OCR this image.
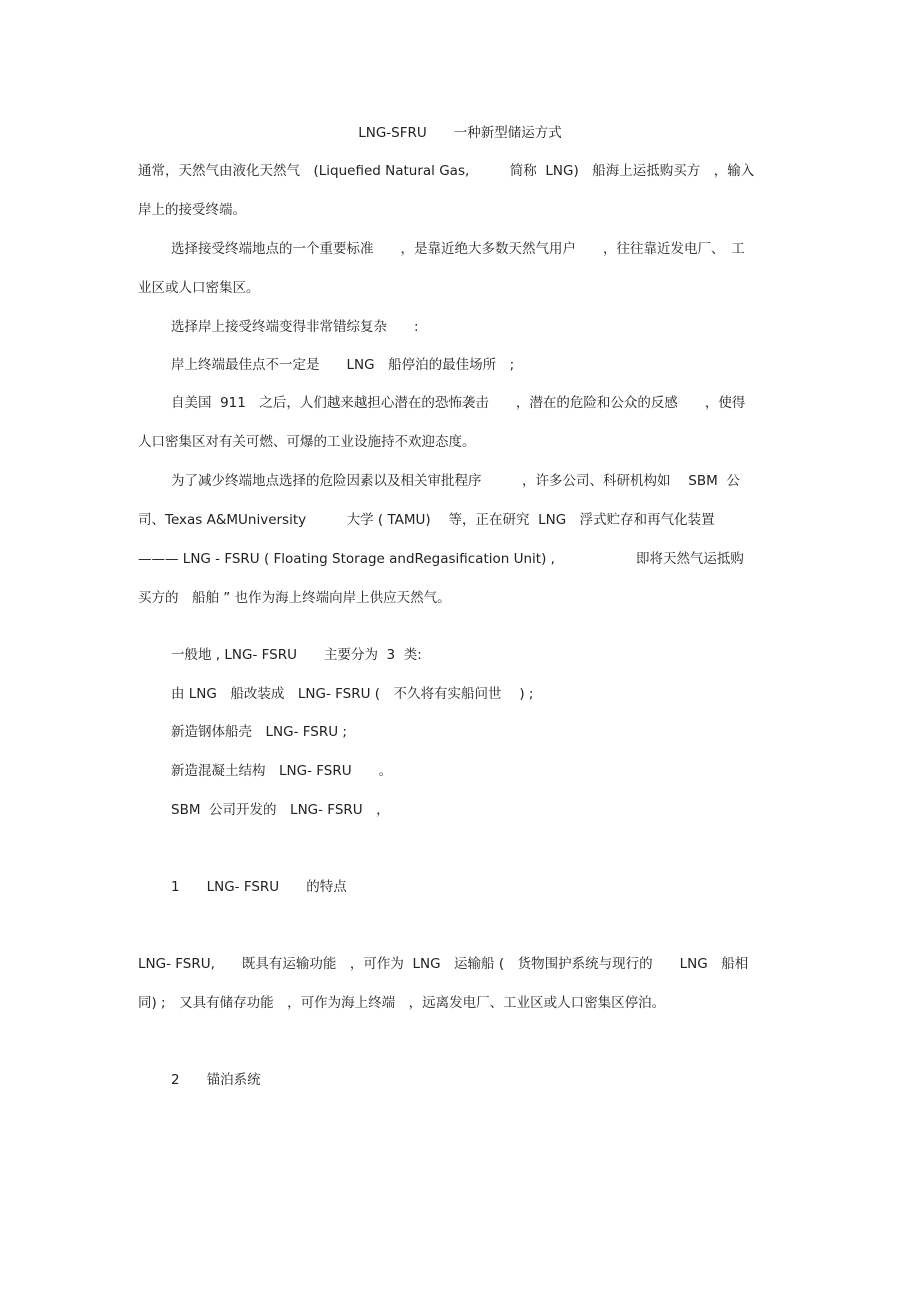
LNG-SFRU　　一种新型储运方式
通常，天然气由液化天然气　(Liquefied Natural Gas,　　　简称  LNG)　船海上运抵购买方　，输入
岸上的接受终端。
选择接受终端地点的一个重要标准　　，是靠近绝大多数天然气用户　　，往往靠近发电厂、　工
业区或人口密集区。
选择岸上接受终端变得非常错综复杂　　:
岸上终端最佳点不一定是　　LNG　船停泊的最佳场所　;
自美国  911　之后，人们越来越担心潜在的恐怖袭击　　，潜在的危险和公众的反感　　，使得
人口密集区对有关可燃、可爆的工业设施持不欢迎态度。
为了减少终端地点选择的危险因素以及相关审批程序　　　，许多公司、科研机构如　 SBM  公
司、Texas A&MUniversity　　　大学 ( TAMU)　 等，正在研究  LNG　浮式贮存和再气化装置
——— LNG - FSRU ( Floating Storage andRegasification Unit) ,　　　　　　即将天然气运抵购
买方的　船舶 ” 也作为海上终端向岸上供应天然气。
一般地 , LNG- FSRU　　主要分为  3  类:
由 LNG　船改装成　LNG- FSRU (　不久将有实船问世　 ) ;
新造钢体船壳　LNG- FSRU ;
新造混凝土结构　LNG- FSRU　　。
SBM  公司开发的　LNG- FSRU　，
1　　LNG- FSRU　　的特点
LNG- FSRU,　　既具有运输功能　，可作为  LNG　运输船 (　货物围护系统与现行的　　LNG　船相
同) ;　又具有储存功能　，可作为海上终端　，远离发电厂、工业区或人口密集区停泊。
2　　锚泊系统
